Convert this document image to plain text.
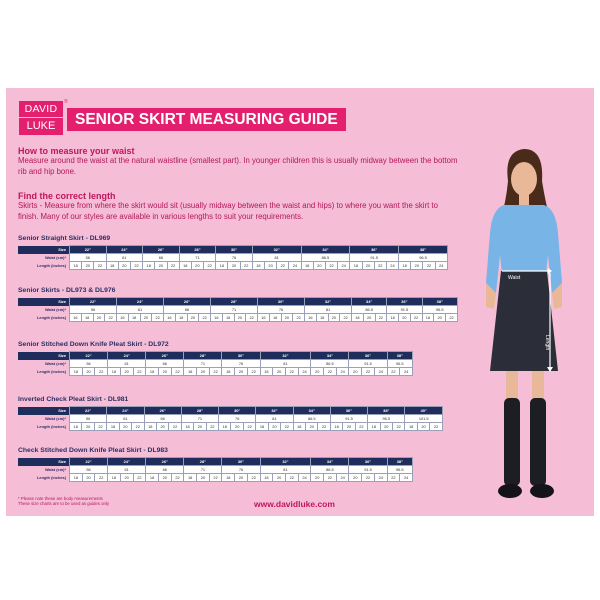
DAVID
LUKE
®
SENIOR SKIRT MEASURING GUIDE
How to measure your waist
Measure around the waist at the natural waistline (smallest part). In younger children this is usually midway between the bottom rib and hip bone.
Find the correct length
Skirts - Measure from where the skirt would sit (usually midway between the waist and hips) to where you want the skirt to finish. Many of our styles are available in various lengths to suit your requirements.
Senior Straight Skirt - DL969
Size	22"			24"			26"			28"			30"			32"				34"				36"				38"			
Waist (cm)*	56			61			66			71			76			81				86.5				91.5				96.5			
Length (inches)	18	20	22	18	20	22	18	20	22	18	20	22	18	20	22	18	20	22	24	18	20	22	24	18	20	22	24	18	20	22	24
Senior Skirts - DL973 & DL976
Size	22"				24"				26"				28"				30"				32"				34"			36"			38"		
Waist (cm)*	56				61				66				71				76				81				86.5			91.5			96.5		
Length (inches)	16	18	20	22	16	18	20	22	16	18	20	22	16	18	20	22	16	18	20	22	16	18	20	22	18	20	22	18	20	22	18	20	22
Senior Stitched Down Knife Pleat Skirt - DL972
Size	22"			24"			26"			28"			30"			32"				34"			36"			38"	
Waist (cm)*	56			61			66			71			76			81				86.5			91.5			96.5	
Length (inches)	18	20	22	18	20	22	18	20	22	18	20	22	18	20	22	18	20	22	24	20	22	24	20	22	24	22	24
Inverted Check Pleat Skirt - DL981
Size	22"			24"			26"			28"			30"			32"			34"			36"			38"			40"		
Waist (cm)*	56			61			66			71			76			81			86.5			91.5			96.5			101.5		
Length (inches)	18	20	22	18	20	22	18	20	22	18	20	22	18	20	22	18	20	22	18	20	22	18	20	22	18	20	22	18	20	22
Check Stitched Down Knife Pleat Skirt - DL983
Size	22"			24"			26"			28"			30"			32"				34"			36"			38"	
Waist (cm)*	56			61			66			71			76			81				86.5			91.5			96.5	
Length (inches)	18	20	22	18	20	22	18	20	22	18	20	22	18	20	22	18	20	22	24	20	22	24	20	22	24	22	24
* Please note these are body measurements
These size charts are to be used as guides only	www.davidluke.com
Waist
Length
